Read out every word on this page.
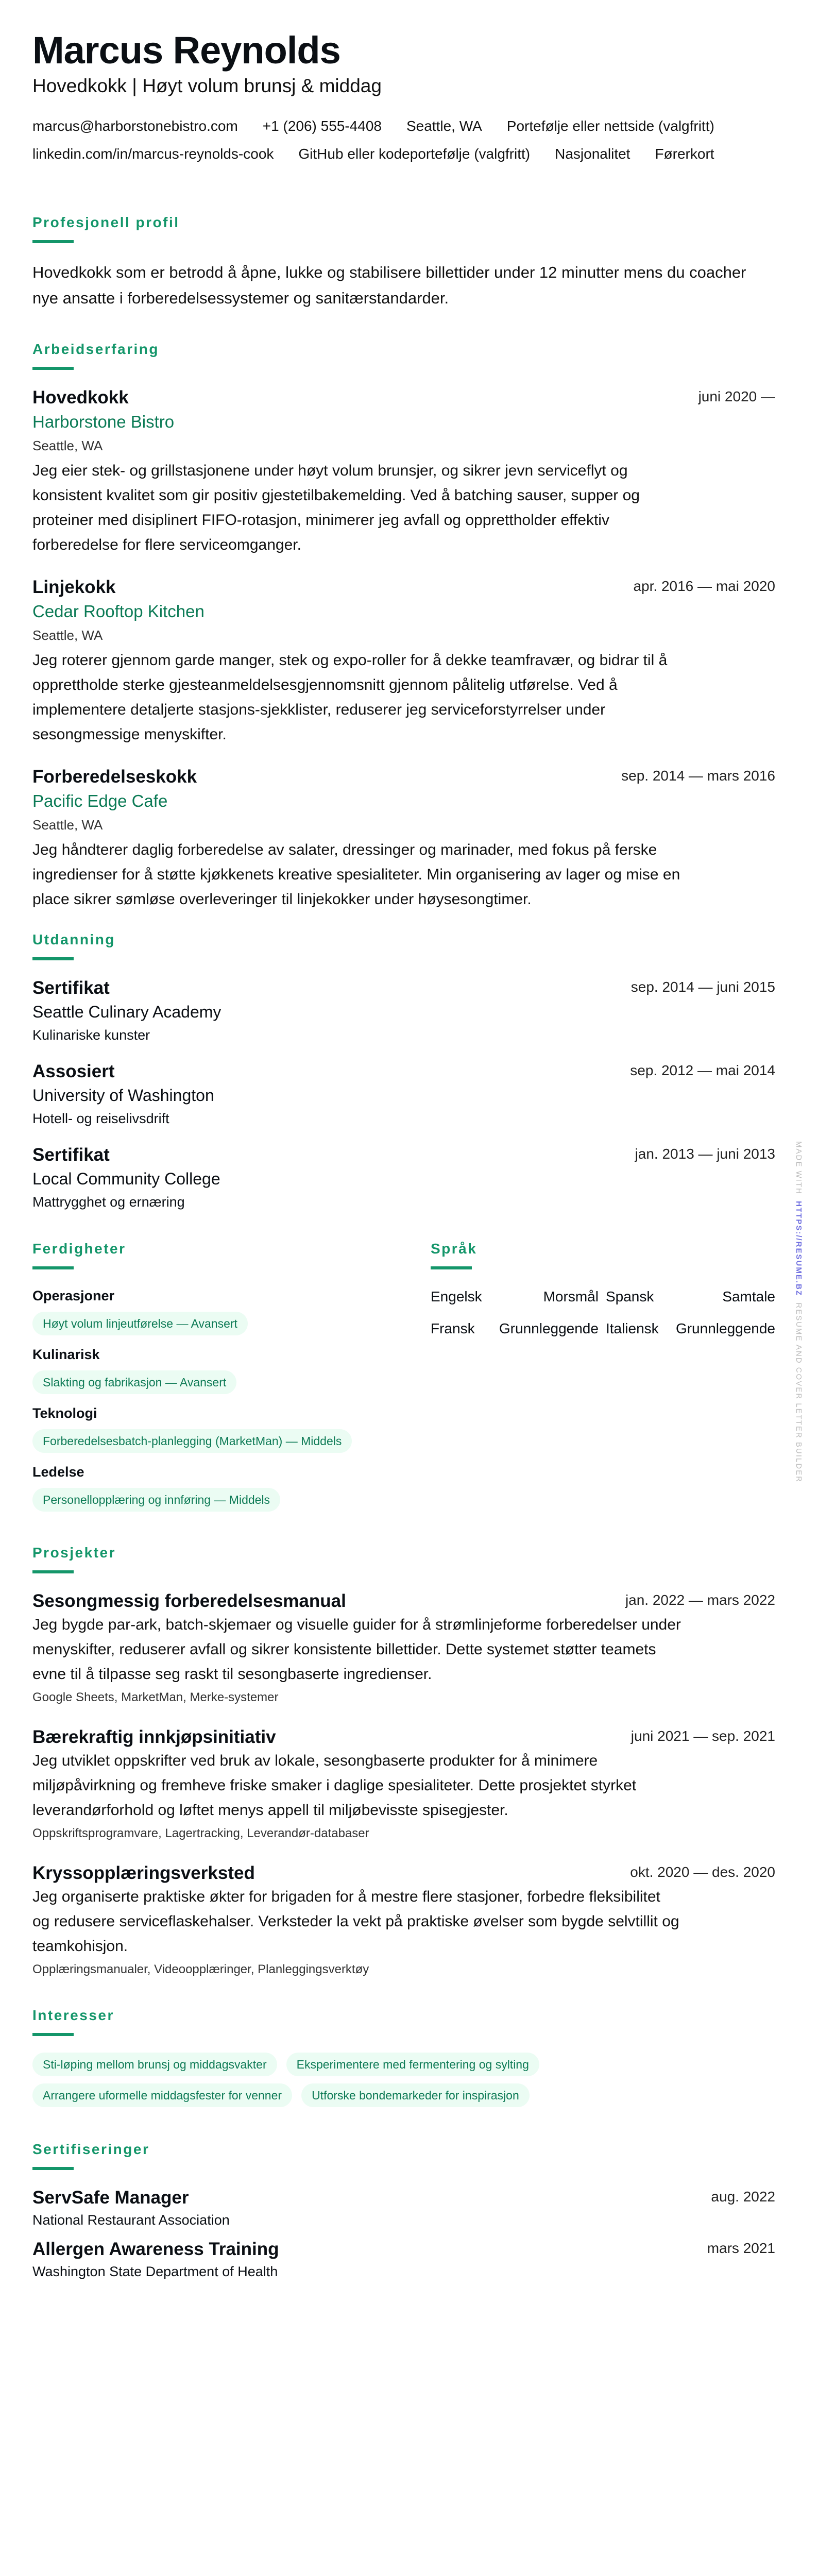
Marcus Reynolds
Hovedkokk | Høyt volum brunsj & middag
marcus@harborstonebistro.com +1 (206) 555-4408 Seattle, WA Portefølje eller nettside (valgfritt)
linkedin.com/in/marcus-reynolds-cook GitHub eller kodeportefølje (valgfritt) Nasjonalitet Førerkort
Profesjonell profil

Hovedkokk som er betrodd å åpne, lukke og stabilisere billettider under 12 minutter mens du coacher nye ansatte i forberedelsessystemer og sanitærstandarder.

Arbeidserfaring
Hovedkokk	juni 2020 —
Harborstone Bistro
Seattle, WA

Jeg eier stek- og grillstasjonene under høyt volum brunsjer, og sikrer jevn serviceflyt og konsistent kvalitet som gir positiv gjestetilbakemelding. Ved å batching sauser, supper og proteiner med disiplinert FIFO-rotasjon, minimerer jeg avfall og opprettholder effektiv forberedelse for flere serviceomganger.

Linjekokk	apr. 2016 — mai 2020
Cedar Rooftop Kitchen
Seattle, WA

Jeg roterer gjennom garde manger, stek og expo-roller for å dekke teamfravær, og bidrar til å opprettholde sterke gjesteanmeldelsesgjennomsnitt gjennom pålitelig utførelse. Ved å implementere detaljerte stasjons-sjekklister, reduserer jeg serviceforstyrrelser under sesongmessige menyskifter.

Forberedelseskokk	sep. 2014 — mars 2016
Pacific Edge Cafe
Seattle, WA

Jeg håndterer daglig forberedelse av salater, dressinger og marinader, med fokus på ferske ingredienser for å støtte kjøkkenets kreative spesialiteter. Min organisering av lager og mise en place sikrer sømløse overleveringer til linjekokker under høysesongtimer.

Utdanning
Sertifikat	sep. 2014 — juni 2015
Seattle Culinary Academy
Kulinariske kunster
Assosiert	sep. 2012 — mai 2014
University of Washington
Hotell- og reiselivsdrift
Sertifikat	jan. 2013 — juni 2013
Local Community College
Mattrygghet og ernæring
Ferdigheter
Operasjoner
Høyt volum linjeutførelse — Avansert
Kulinarisk
Slakting og fabrikasjon — Avansert
Teknologi
Forberedelsesbatch-planlegging (MarketMan) — Middels
Ledelse
Personellopplæring og innføring — Middels
Språk
Engelsk	Morsmål Spansk	Samtale
Fransk	Grunnleggende Italiensk	Grunnleggende
Prosjekter
Sesongmessig forberedelsesmanual	jan. 2022 — mars 2022

Jeg bygde par-ark, batch-skjemaer og visuelle guider for å strømlinjeforme forberedelser under menyskifter, reduserer avfall og sikrer konsistente billettider. Dette systemet støtter teamets evne til å tilpasse seg raskt til sesongbaserte ingredienser.

Google Sheets, MarketMan, Merke-systemer
Bærekraftig innkjøpsinitiativ	juni 2021 — sep. 2021

Jeg utviklet oppskrifter ved bruk av lokale, sesongbaserte produkter for å minimere miljøpåvirkning og fremheve friske smaker i daglige spesialiteter. Dette prosjektet styrket leverandørforhold og løftet menys appell til miljøbevisste spisegjester.

Oppskriftsprogramvare, Lagertracking, Leverandør-databaser
Kryssopplæringsverksted	okt. 2020 — des. 2020

Jeg organiserte praktiske økter for brigaden for å mestre flere stasjoner, forbedre fleksibilitet og redusere serviceflaskehalser. Verksteder la vekt på praktiske øvelser som bygde selvtillit og teamkohisjon.

Opplæringsmanualer, Videoopplæringer, Planleggingsverktøy
Interesser
Sti-løping mellom brunsj og middagsvakter	Eksperimentere med fermentering og sylting
Arrangere uformelle middagsfester for venner	Utforske bondemarkeder for inspirasjon
Sertifiseringer
ServSafe Manager	aug. 2022
National Restaurant Association
Allergen Awareness Training	mars 2021
Washington State Department of Health
MADE WITH  HTTPS://RESUME.BZ  RESUME AND COVER LETTER BUILDER
